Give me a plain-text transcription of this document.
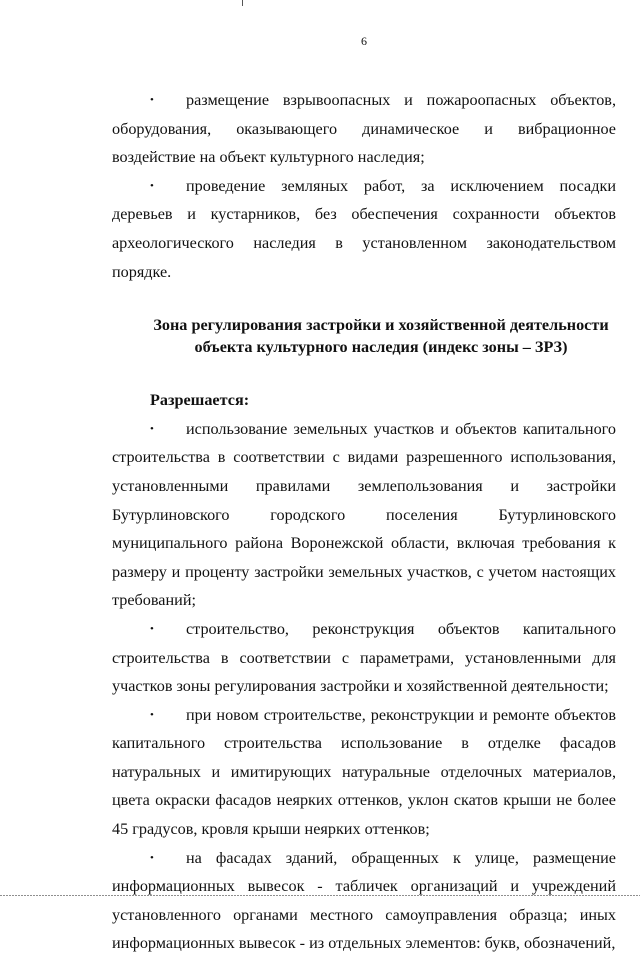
6

• размещение взрывоопасных и пожароопасных объектов, оборудования, оказывающего динамическое и вибрационное воздействие на объект культурного наследия;

• проведение земляных работ, за исключением посадки деревьев и кустарников, без обеспечения сохранности объектов археологического наследия в установленном законодательством порядке.

Зона регулирования застройки и хозяйственной деятельности
объекта культурного наследия (индекс зоны – ЗРЗ)

Разрешается:

• использование земельных участков и объектов капитального строительства в соответствии с видами разрешенного использования, установленными правилами землепользования и застройки Бутурлиновского городского поселения Бутурлиновского муниципального района Воронежской области, включая требования к размеру и проценту застройки земельных участков, с учетом настоящих требований;

• строительство, реконструкция объектов капитального строительства в соответствии с параметрами, установленными для участков зоны регулирования застройки и хозяйственной деятельности;

• при новом строительстве, реконструкции и ремонте объектов капитального строительства использование в отделке фасадов натуральных и имитирующих натуральные отделочных материалов, цвета окраски фасадов неярких оттенков, уклон скатов крыши не более 45 градусов, кровля крыши неярких оттенков;

• на фасадах зданий, обращенных к улице, размещение информационных вывесок - табличек организаций и учреждений установленного органами местного самоуправления образца; иных информационных вывесок - из отдельных элементов: букв, обозначений,
